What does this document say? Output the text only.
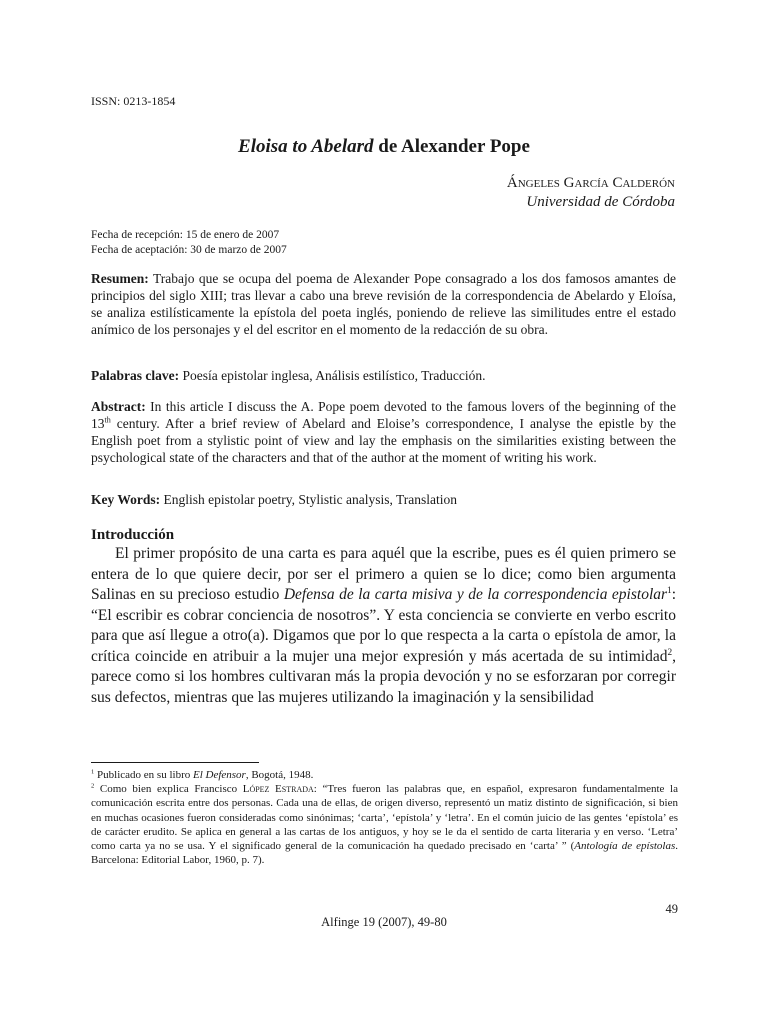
ISSN: 0213-1854
Eloisa to Abelard de Alexander Pope
Ángeles García Calderón
Universidad de Córdoba
Fecha de recepción: 15 de enero de 2007
Fecha de aceptación: 30 de marzo de 2007
Resumen: Trabajo que se ocupa del poema de Alexander Pope consagrado a los dos famosos amantes de principios del siglo XIII; tras llevar a cabo una breve revisión de la correspondencia de Abelardo y Eloísa, se analiza estilísticamente la epístola del poeta inglés, poniendo de relieve las similitudes entre el estado anímico de los personajes y el del escritor en el momento de la redacción de su obra.
Palabras clave: Poesía epistolar inglesa, Análisis estilístico, Traducción.
Abstract: In this article I discuss the A. Pope poem devoted to the famous lovers of the beginning of the 13th century. After a brief review of Abelard and Eloise’s correspondence, I analyse the epistle by the English poet from a stylistic point of view and lay the emphasis on the similarities existing between the psychological state of the characters and that of the author at the moment of writing his work.
Key Words: English epistolar poetry, Stylistic analysis, Translation
Introducción
El primer propósito de una carta es para aquél que la escribe, pues es él quien primero se entera de lo que quiere decir, por ser el primero a quien se lo dice; como bien argumenta Salinas en su precioso estudio Defensa de la carta misiva y de la correspondencia epistolar$^1$: “El escribir es cobrar conciencia de nosotros”. Y esta conciencia se convierte en verbo escrito para que así llegue a otro(a). Digamos que por lo que respecta a la carta o epístola de amor, la crítica coincide en atribuir a la mujer una mejor expresión y más acertada de su intimidad$^2$, parece como si los hombres cultivaran más la propia devoción y no se esforzaran por corregir sus defectos, mientras que las mujeres utilizando la imaginación y la sensibilidad

$^1$ Publicado en su libro El Defensor, Bogotá, 1948.

$^2$ Como bien explica Francisco López Estrada: “Tres fueron las palabras que, en español, expresaron fundamentalmente la comunicación escrita entre dos personas. Cada una de ellas, de origen diverso, representó un matiz distinto de significación, si bien en muchas ocasiones fueron consideradas como sinónimas; ‘carta’, ‘epístola’ y ‘letra’. En el común juicio de las gentes ‘epístola’ es de carácter erudito. Se aplica en general a las cartas de los antiguos, y hoy se le da el sentido de carta literaria y en verso. ‘Letra’ como carta ya no se usa. Y el significado general de la comunicación ha quedado precisado en ‘carta’ ” (Antología de epístolas. Barcelona: Editorial Labor, 1960, p. 7).

49
Alfinge 19 (2007), 49-80
